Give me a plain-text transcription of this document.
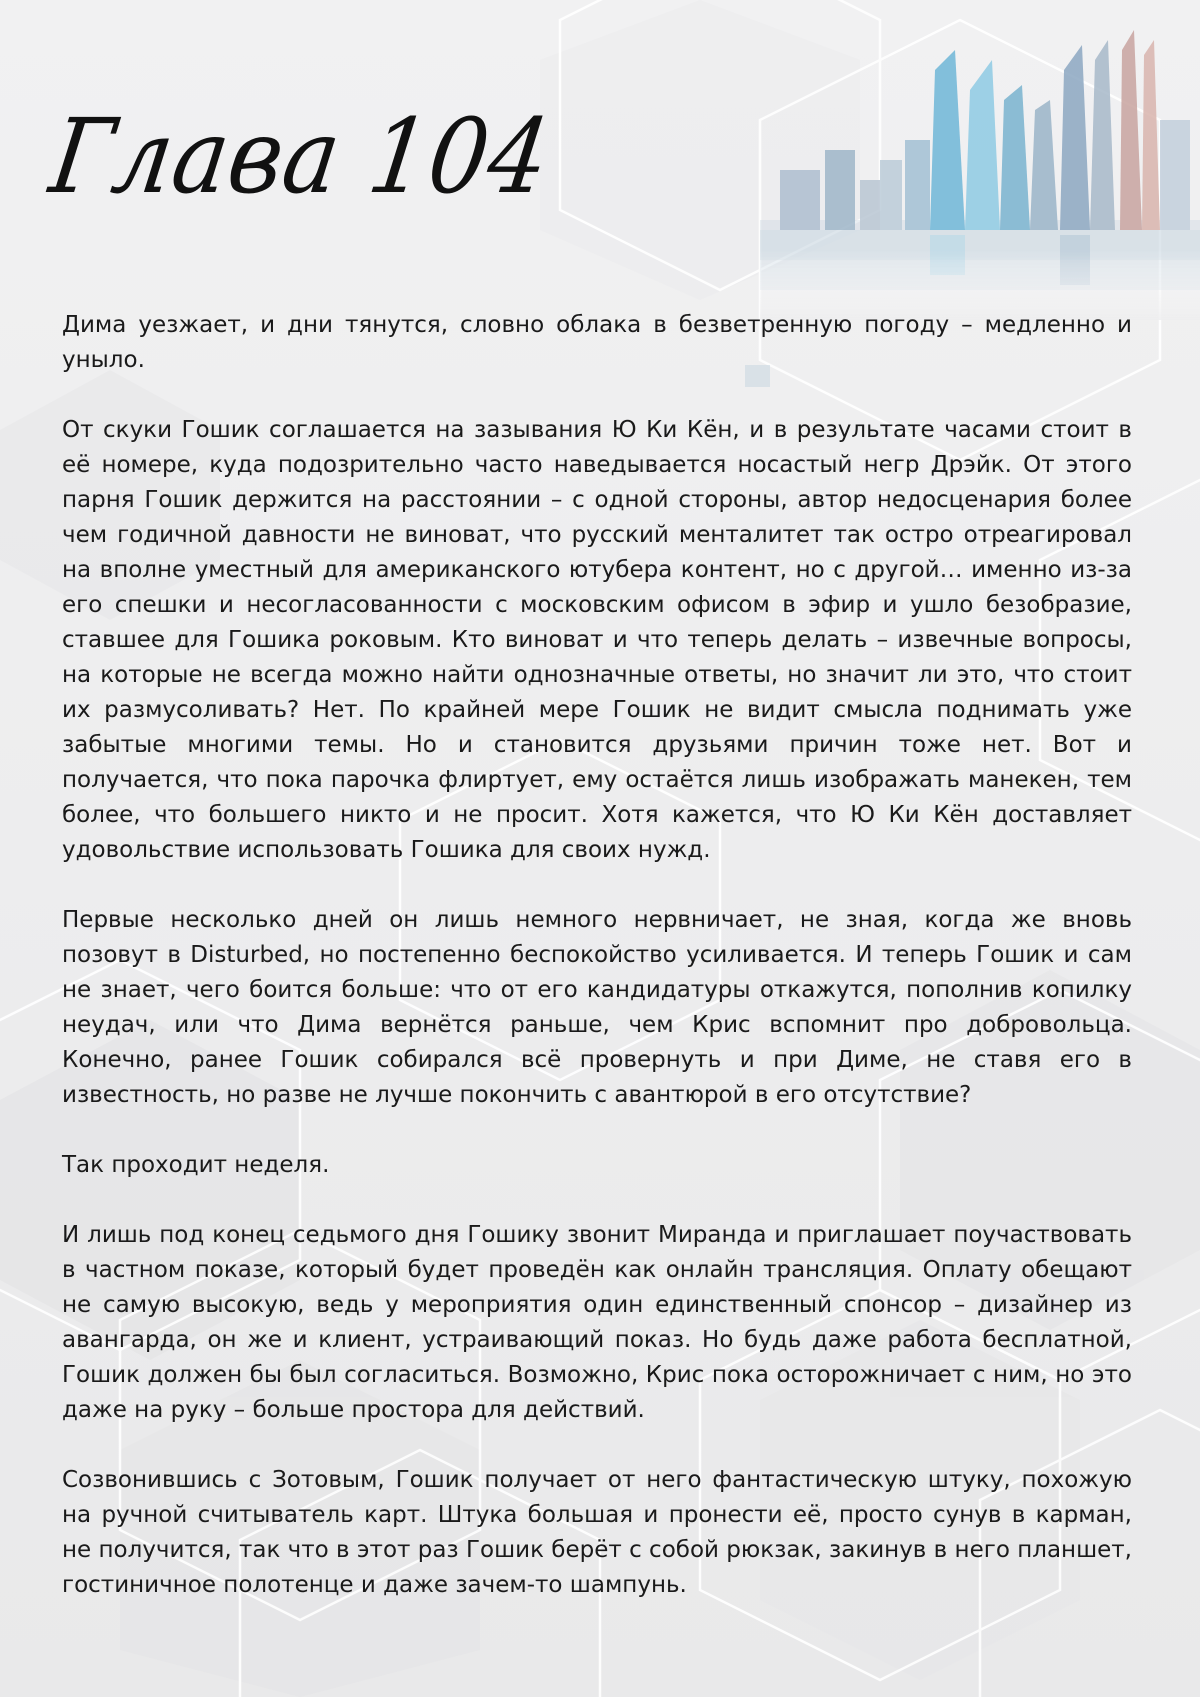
Глава 104

Дима уезжает, и дни тянутся, словно облака в безветренную погоду – медленно и уныло.

От скуки Гошик соглашается на зазывания Ю Ки Кён, и в результате часами стоит в её номере, куда подозрительно часто наведывается носастый негр Дрэйк. От этого парня Гошик держится на расстоянии – с одной стороны, автор недосценария более чем годичной давности не виноват, что русский менталитет так остро отреагировал на вполне уместный для американского ютубера контент, но с другой… именно из-за его спешки и несогласованности с московским офисом в эфир и ушло безобразие, ставшее для Гошика роковым. Кто виноват и что теперь делать – извечные вопросы, на которые не всегда можно найти однозначные ответы, но значит ли это, что стоит их размусоливать? Нет. По крайней мере Гошик не видит смысла поднимать уже забытые многими темы. Но и становится друзьями причин тоже нет. Вот и получается, что пока парочка флиртует, ему остаётся лишь изображать манекен, тем более, что большего никто и не просит. Хотя кажется, что Ю Ки Кён доставляет удовольствие использовать Гошика для своих нужд.

Первые несколько дней он лишь немного нервничает, не зная, когда же вновь позовут в Disturbed, но постепенно беспокойство усиливается. И теперь Гошик и сам не знает, чего боится больше: что от его кандидатуры откажутся, пополнив копилку неудач, или что Дима вернётся раньше, чем Крис вспомнит про добровольца. Конечно, ранее Гошик собирался всё провернуть и при Диме, не ставя его в известность, но разве не лучше покончить с авантюрой в его отсутствие?

Так проходит неделя.

И лишь под конец седьмого дня Гошику звонит Миранда и приглашает поучаствовать в частном показе, который будет проведён как онлайн трансляция. Оплату обещают не самую высокую, ведь у мероприятия один единственный спонсор – дизайнер из авангарда, он же и клиент, устраивающий показ. Но будь даже работа бесплатной, Гошик должен бы был согласиться. Возможно, Крис пока осторожничает с ним, но это даже на руку – больше простора для действий.

Созвонившись с Зотовым, Гошик получает от него фантастическую штуку, похожую на ручной считыватель карт. Штука большая и пронести её, просто сунув в карман, не получится, так что в этот раз Гошик берёт с собой рюкзак, закинув в него планшет, гостиничное полотенце и даже зачем-то шампунь.
